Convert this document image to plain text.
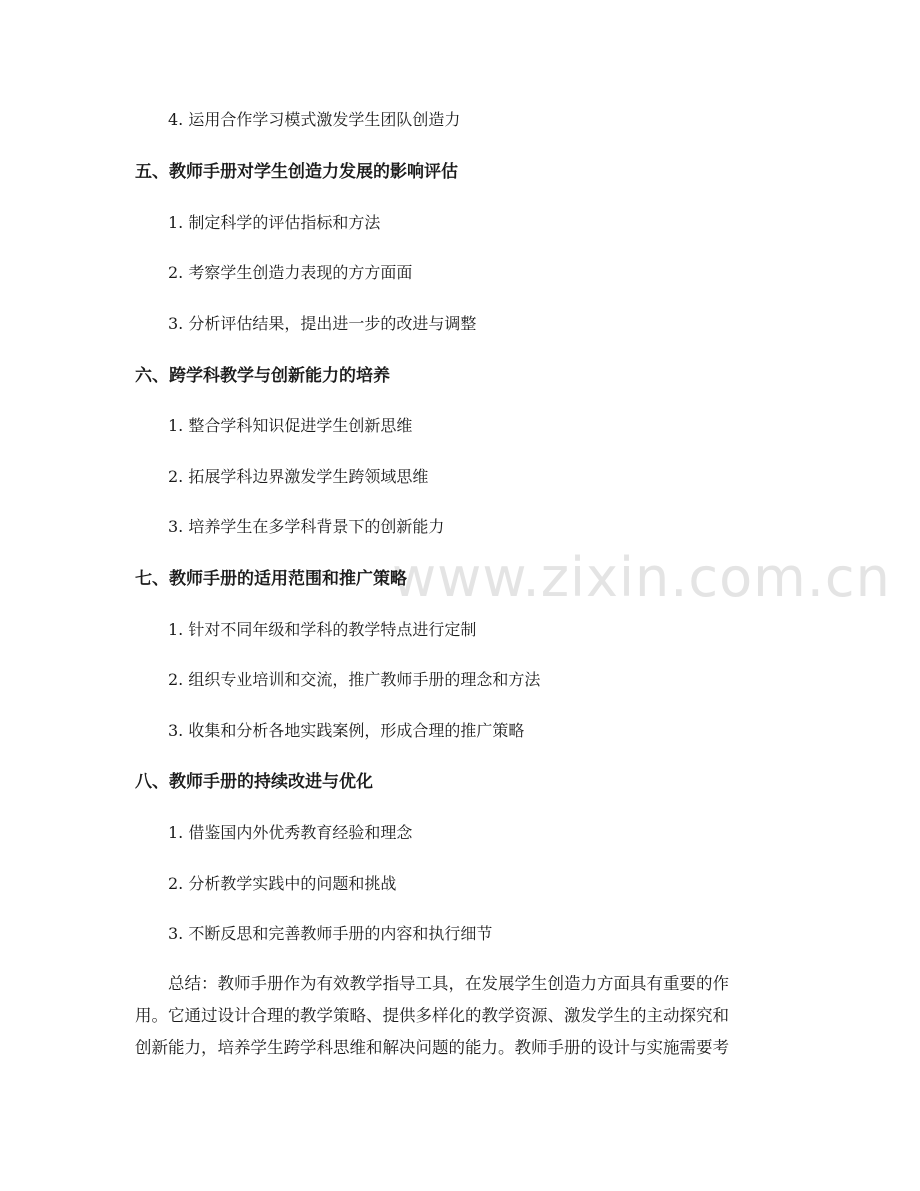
www.zixin.com.cn
4. 运用合作学习模式激发学生团队创造力
五、教师手册对学生创造力发展的影响评估
1. 制定科学的评估指标和方法
2. 考察学生创造力表现的方方面面
3. 分析评估结果，提出进一步的改进与调整
六、跨学科教学与创新能力的培养
1. 整合学科知识促进学生创新思维
2. 拓展学科边界激发学生跨领域思维
3. 培养学生在多学科背景下的创新能力
七、教师手册的适用范围和推广策略
1. 针对不同年级和学科的教学特点进行定制
2. 组织专业培训和交流，推广教师手册的理念和方法
3. 收集和分析各地实践案例，形成合理的推广策略
八、教师手册的持续改进与优化
1. 借鉴国内外优秀教育经验和理念
2. 分析教学实践中的问题和挑战
3. 不断反思和完善教师手册的内容和执行细节
总结：教师手册作为有效教学指导工具，在发展学生创造力方面具有重要的作
用。它通过设计合理的教学策略、提供多样化的教学资源、激发学生的主动探究和
创新能力，培养学生跨学科思维和解决问题的能力。教师手册的设计与实施需要考
